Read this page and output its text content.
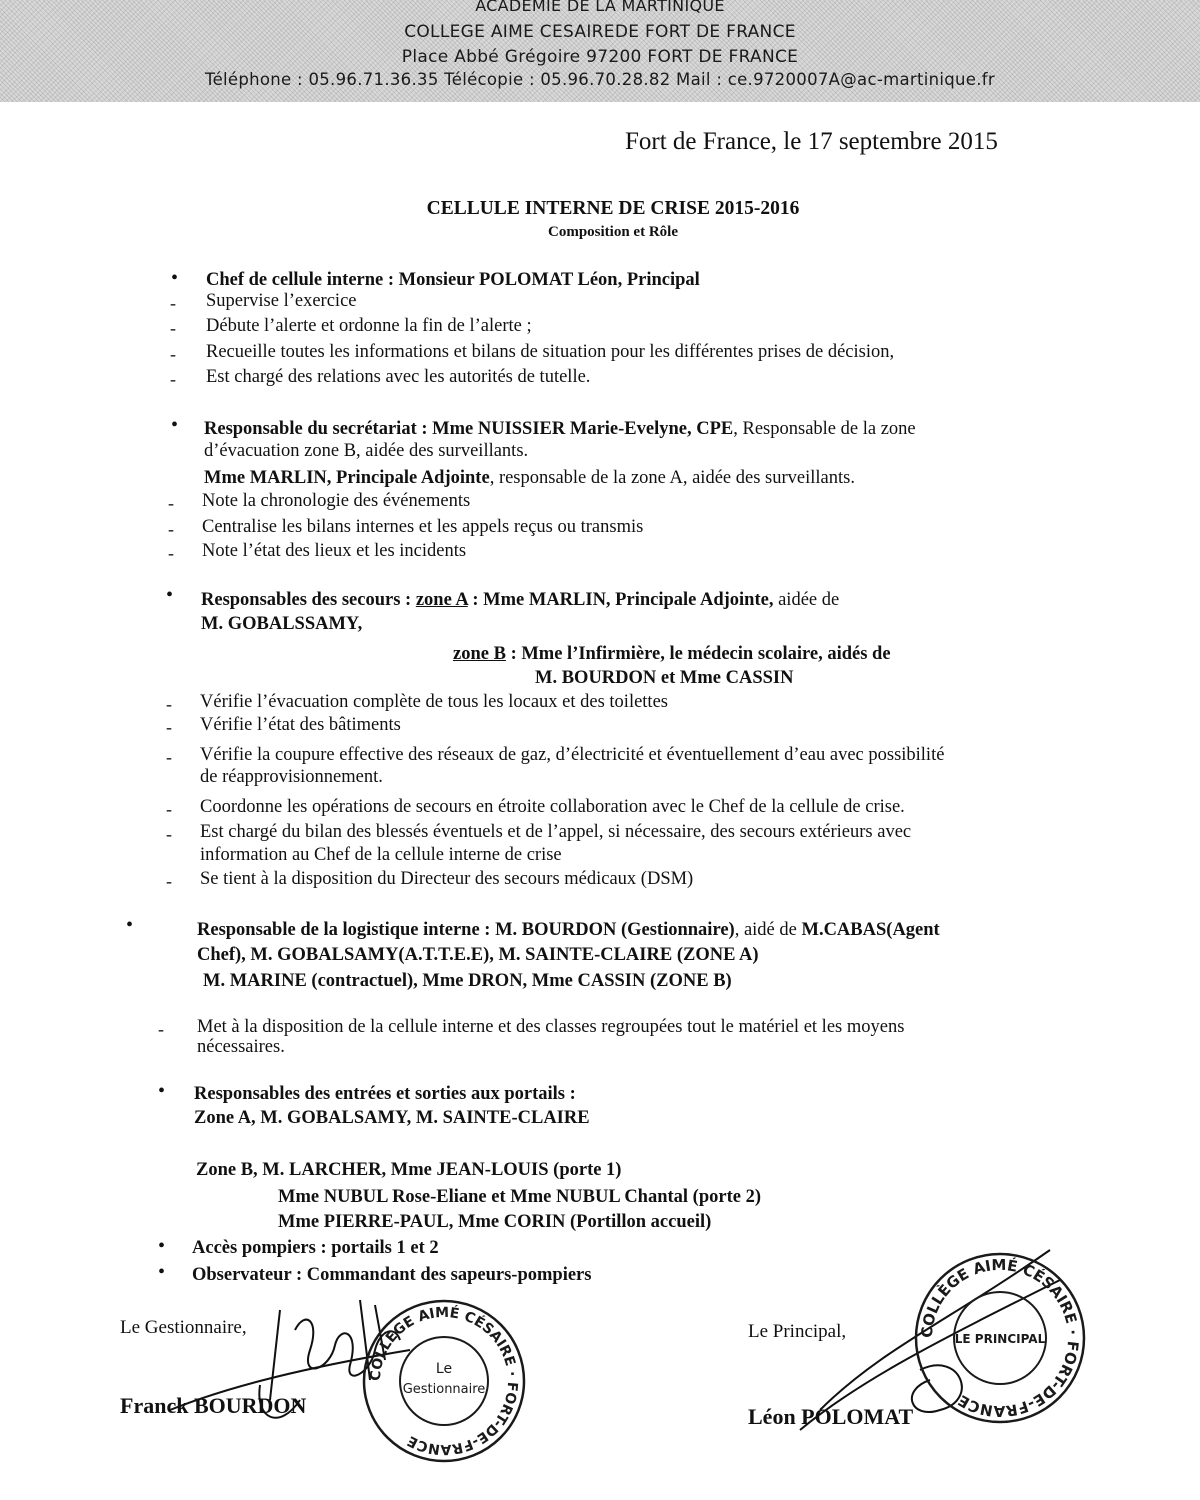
ACADEMIE DE LA MARTINIQUE
COLLEGE AIME CESAIREDE FORT DE FRANCE
Place Abbé Grégoire 97200 FORT DE FRANCE
Téléphone : 05.96.71.36.35 Télécopie : 05.96.70.28.82 Mail : ce.9720007A@ac-martinique.fr
Fort de France, le 17 septembre 2015
CELLULE INTERNE DE CRISE 2015-2016
Composition et Rôle
• Chef de cellule interne : Monsieur POLOMAT Léon, Principal
- Supervise l’exercice
- Débute l’alerte et ordonne la fin de l’alerte ;
- Recueille toutes les informations et bilans de situation pour les différentes prises de décision,
- Est chargé des relations avec les autorités de tutelle.
• Responsable du secrétariat : Mme NUISSIER Marie-Evelyne, CPE, Responsable de la zone
d’évacuation zone B, aidée des surveillants.
Mme MARLIN, Principale Adjointe, responsable de la zone A, aidée des surveillants.
- Note la chronologie des événements
- Centralise les bilans internes et les appels reçus ou transmis
- Note l’état des lieux et les incidents
• Responsables des secours : zone A : Mme MARLIN, Principale Adjointe, aidée de
M. GOBALSSAMY,
zone B : Mme l’Infirmière, le médecin scolaire, aidés de
M. BOURDON et Mme CASSIN
- Vérifie l’évacuation complète de tous les locaux et des toilettes
- Vérifie l’état des bâtiments
- Vérifie la coupure effective des réseaux de gaz, d’électricité et éventuellement d’eau avec possibilité
de réapprovisionnement.
- Coordonne les opérations de secours en étroite collaboration avec le Chef de la cellule de crise.
- Est chargé du bilan des blessés éventuels et de l’appel, si nécessaire, des secours extérieurs avec
information au Chef de la cellule interne de crise
- Se tient à la disposition du Directeur des secours médicaux (DSM)
•	Responsable de la logistique interne : M. BOURDON (Gestionnaire), aidé de M.CABAS(Agent
Chef), M. GOBALSAMY(A.T.T.E.E), M. SAINTE-CLAIRE (ZONE A)
M. MARINE (contractuel), Mme DRON, Mme CASSIN (ZONE B)
- Met à la disposition de la cellule interne et des classes regroupées tout le matériel et les moyens
nécessaires.
• Responsables des entrées et sorties aux portails :
Zone A, M. GOBALSAMY, M. SAINTE-CLAIRE
Zone B, M. LARCHER, Mme JEAN-LOUIS (porte 1)
Mme NUBUL Rose-Eliane et Mme NUBUL Chantal (porte 2)
Mme PIERRE-PAUL, Mme CORIN (Portillon accueil)
• Accès pompiers : portails 1 et 2
• Observateur : Commandant des sapeurs-pompiers
Le Gestionnaire,
Franck BOURDON
COLLÈGE AIMÉ CÉSAIRE · FORT-DE-FRANCE
Le
Gestionnaire
Le Principal,
Léon POLOMAT
COLLÈGE AIMÉ CÉSAIRE · FORT-DE-FRANCE
LE PRINCIPAL
